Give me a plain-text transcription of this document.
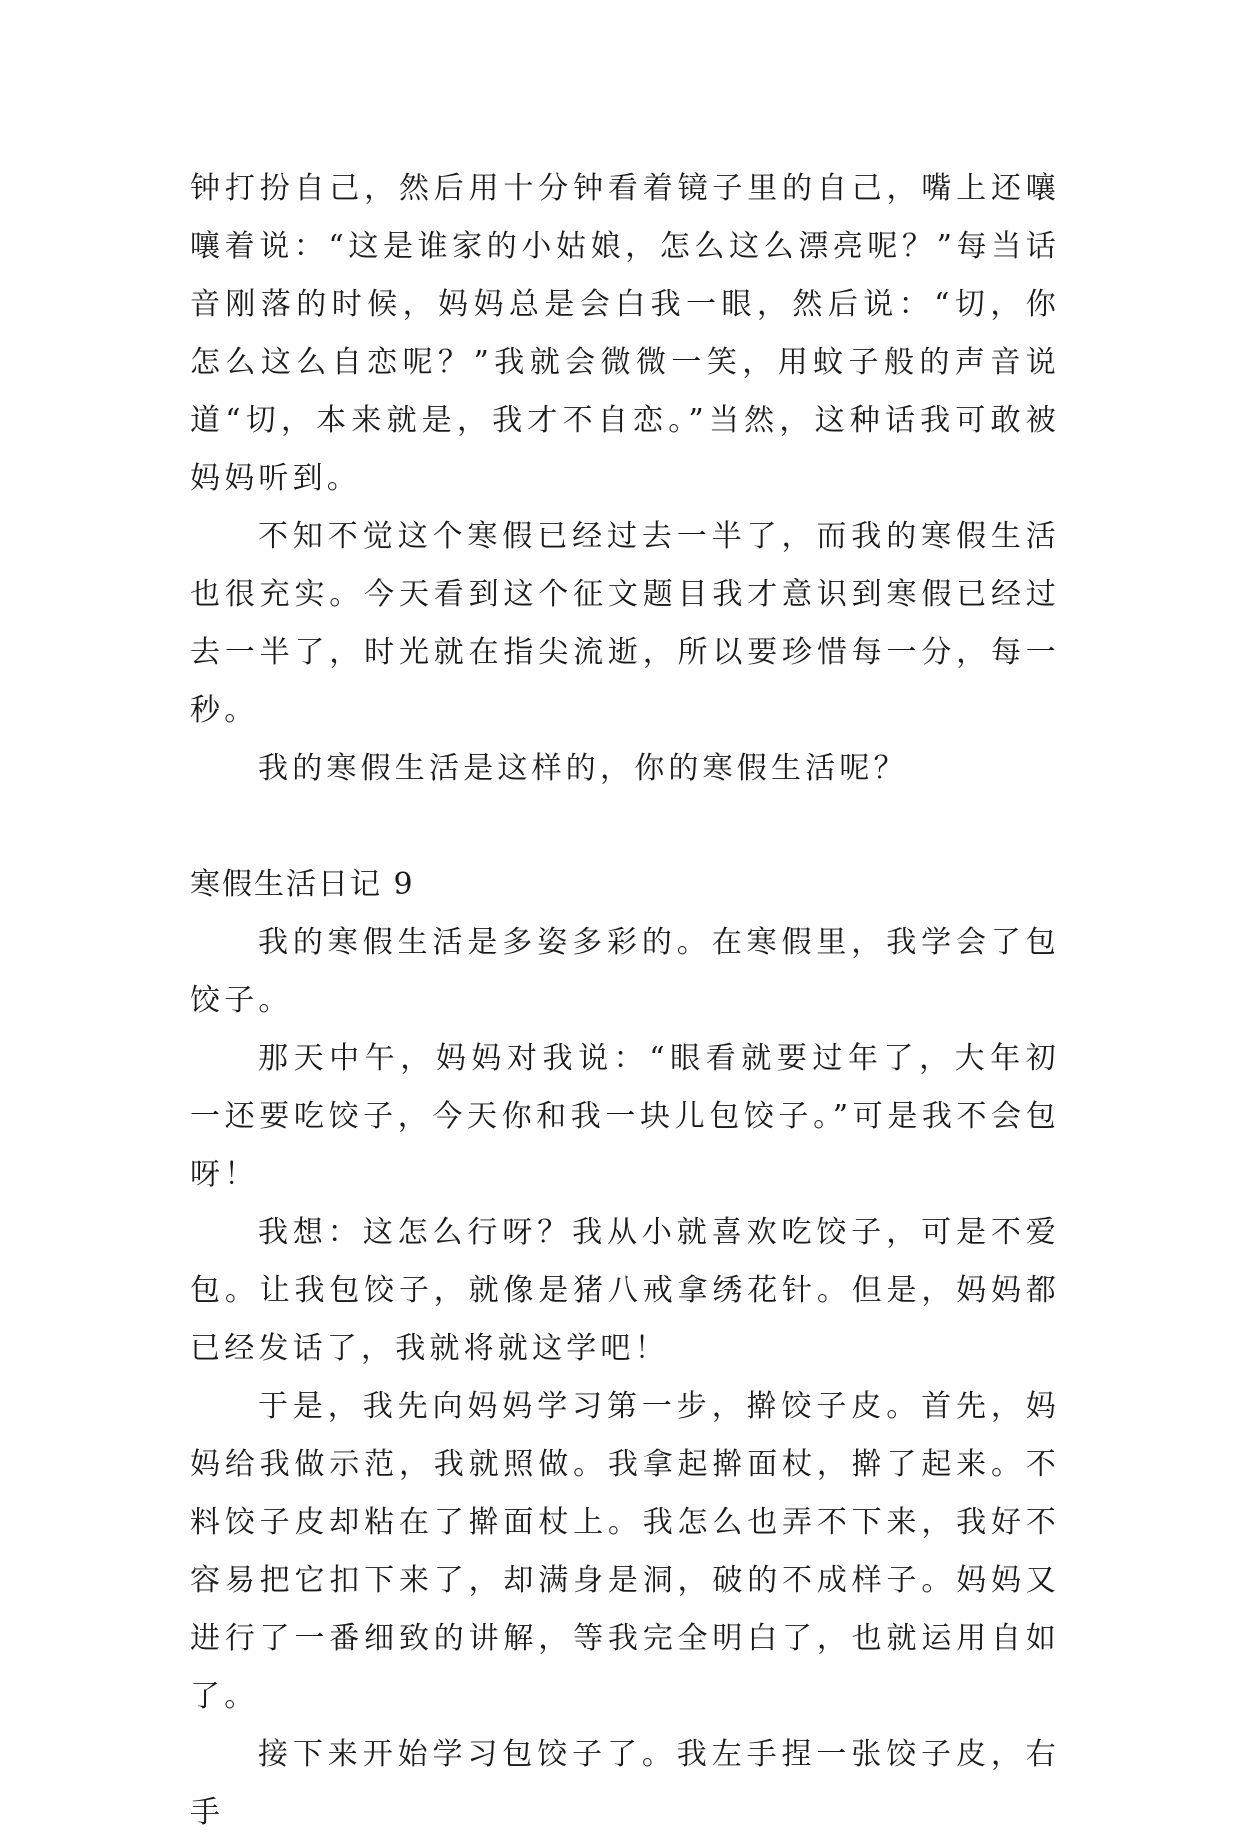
钟打扮自己，然后用十分钟看着镜子里的自己，嘴上还嚷嚷着说：“这是谁家的小姑娘，怎么这么漂亮呢？”每当话音刚落的时候，妈妈总是会白我一眼，然后说：“切，你怎么这么自恋呢？”我就会微微一笑，用蚊子般的声音说道“切，本来就是，我才不自恋。”当然，这种话我可敢被妈妈听到。

不知不觉这个寒假已经过去一半了，而我的寒假生活也很充实。今天看到这个征文题目我才意识到寒假已经过去一半了，时光就在指尖流逝，所以要珍惜每一分，每一秒。

我的寒假生活是这样的，你的寒假生活呢？

寒假生活日记 9

我的寒假生活是多姿多彩的。在寒假里，我学会了包饺子。

那天中午，妈妈对我说：“眼看就要过年了，大年初一还要吃饺子，今天你和我一块儿包饺子。”可是我不会包呀！

我想：这怎么行呀？我从小就喜欢吃饺子，可是不爱包。让我包饺子，就像是猪八戒拿绣花针。但是，妈妈都已经发话了，我就将就这学吧！

于是，我先向妈妈学习第一步，擀饺子皮。首先，妈妈给我做示范，我就照做。我拿起擀面杖，擀了起来。不料饺子皮却粘在了擀面杖上。我怎么也弄不下来，我好不容易把它扣下来了，却满身是洞，破的不成样子。妈妈又进行了一番细致的讲解，等我完全明白了，也就运用自如了。

接下来开始学习包饺子了。我左手捏一张饺子皮，右手
